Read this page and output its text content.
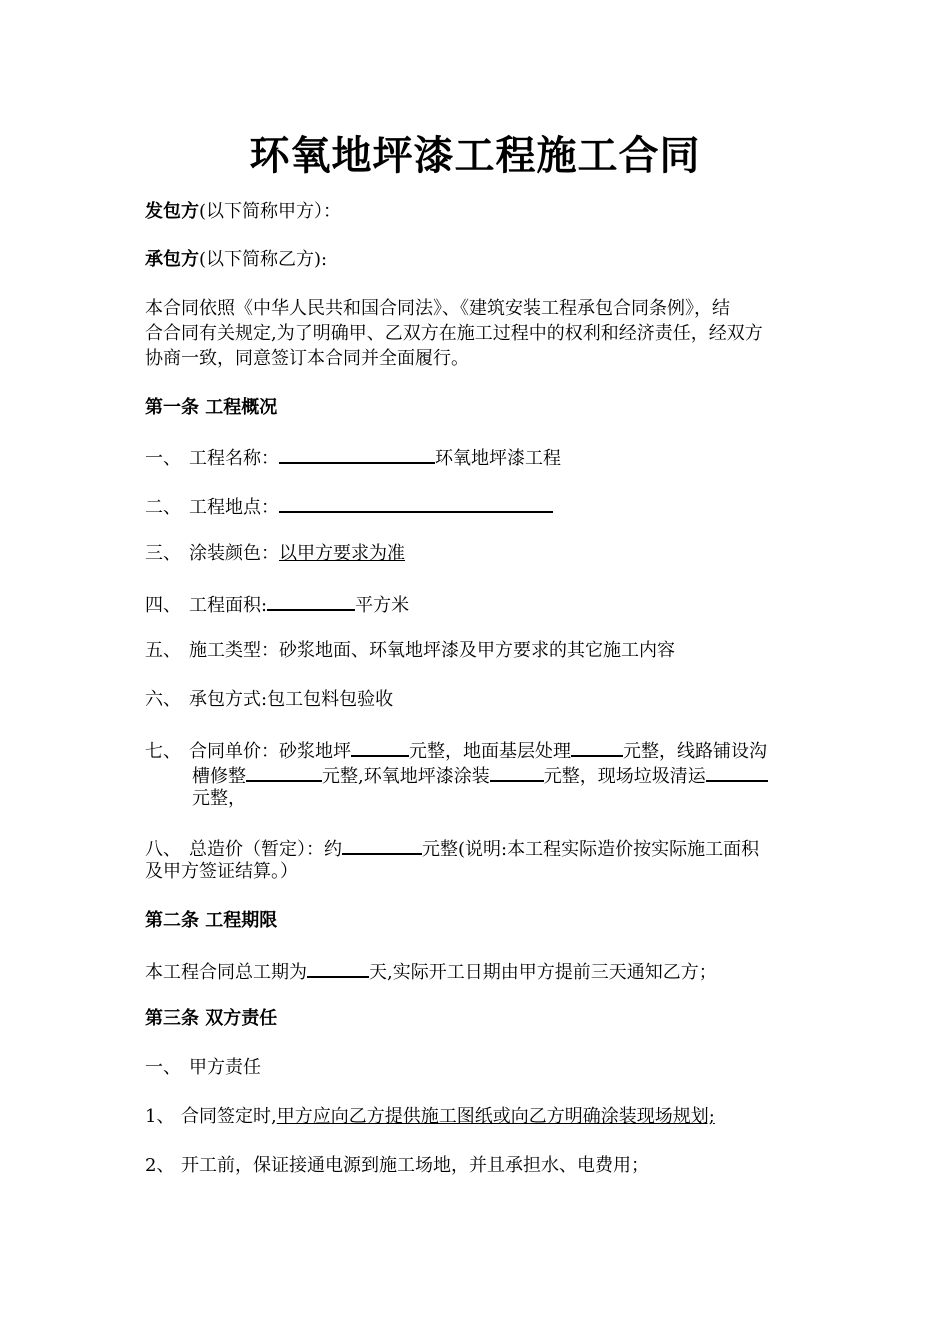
环氧地坪漆工程施工合同
发包方(以下简称甲方）：
承包方(以下简称乙方):
本合同依照《中华人民共和国合同法》、《建筑安装工程承包合同条例》，结
合合同有关规定,为了明确甲、乙双方在施工过程中的权利和经济责任，经双方
协商一致，同意签订本合同并全面履行。
第一条 工程概况
一、 工程名称：	环氧地坪漆工程
二、 工程地点：
三、 涂装颜色：以甲方要求为准
四、 工程面积:	平方米
五、 施工类型：砂浆地面、环氧地坪漆及甲方要求的其它施工内容
六、 承包方式:包工包料包验收
七、 合同单价：砂浆地坪	元整，地面基层处理	元整，线路铺设沟
槽修整	元整,环氧地坪漆涂装	元整，现场垃圾清运
元整，
八、 总造价（暂定）：约	元整(说明:本工程实际造价按实际施工面积
及甲方签证结算。）
第二条 工程期限
本工程合同总工期为	天,实际开工日期由甲方提前三天通知乙方；
第三条 双方责任
一、 甲方责任
1、 合同签定时,甲方应向乙方提供施工图纸或向乙方明确涂装现场规划;
2、 开工前，保证接通电源到施工场地，并且承担水、电费用；
